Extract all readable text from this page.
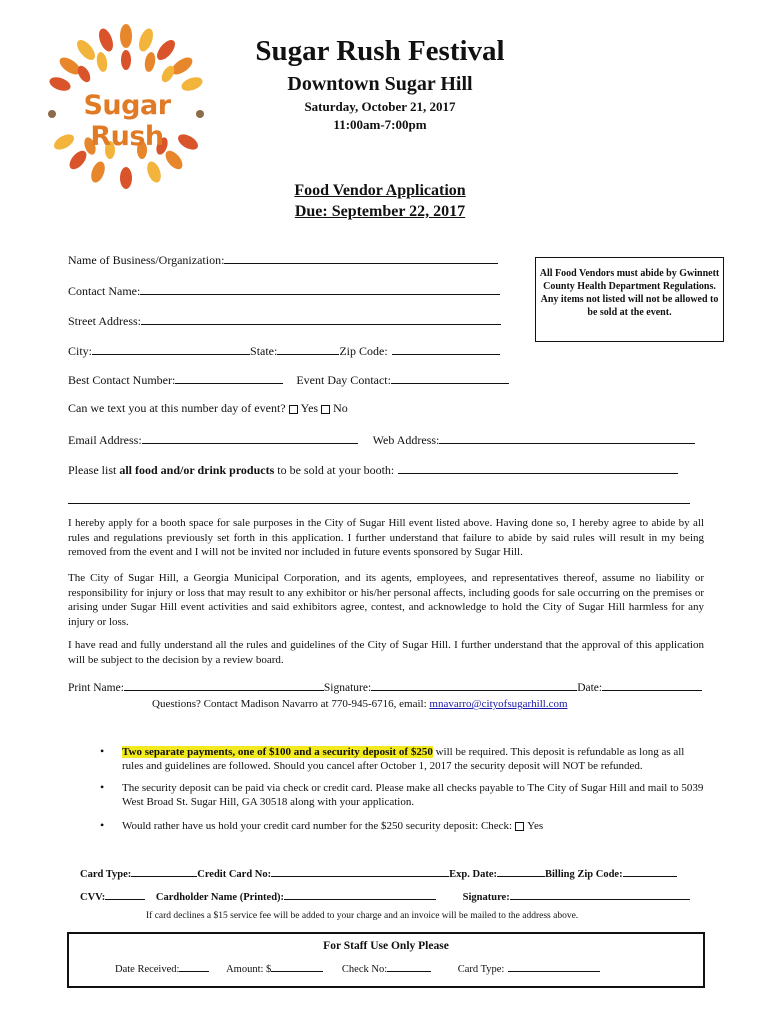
Sugar Rush
Sugar Rush Festival
Downtown Sugar Hill
Saturday, October 21, 2017
11:00am-7:00pm
Food Vendor Application
Due: September 22, 2017
Name of Business/Organization:
Contact Name:
Street Address:
City:	State:	Zip Code:
Best Contact Number:	Event Day Contact:
Can we text you at this number day of event? Yes No
Email Address:	Web Address:
Please list all food and/or drink products to be sold at your booth:
All Food Vendors must abide by Gwinnett County Health Department Regulations. Any items not listed will not be allowed to be sold at the event.
I hereby apply for a booth space for sale purposes in the City of Sugar Hill event listed above. Having done so, I hereby agree to abide by all rules and regulations previously set forth in this application. I further understand that failure to abide by said rules will result in my being removed from the event and I will not be invited nor included in future events sponsored by Sugar Hill.
The City of Sugar Hill, a Georgia Municipal Corporation, and its agents, employees, and representatives thereof, assume no liability or responsibility for injury or loss that may result to any exhibitor or his/her personal affects, including goods for sale occurring on the premises or arising under Sugar Hill event activities and said exhibitors agree, contest, and acknowledge to hold the City of Sugar Hill harmless for any injury or loss.
I have read and fully understand all the rules and guidelines of the City of Sugar Hill. I further understand that the approval of this application will be subject to the decision by a review board.
Print Name:	Signature:	Date:
Questions? Contact Madison Navarro at 770-945-6716, email: mnavarro@cityofsugarhill.com
• Two separate payments, one of $100 and a security deposit of $250 will be required. This deposit is refundable as long as all rules and guidelines are followed. Should you cancel after October 1, 2017 the security deposit will NOT be refunded.
• The security deposit can be paid via check or credit card. Please make all checks payable to The City of Sugar Hill and mail to 5039 West Broad St. Sugar Hill, GA 30518 along with your application.
• Would rather have us hold your credit card number for the $250 security deposit: Check: Yes
Card Type:	Credit Card No:	Exp. Date:	Billing Zip Code:
CVV:	Cardholder Name (Printed):	Signature:
If card declines a $15 service fee will be added to your charge and an invoice will be mailed to the address above.
For Staff Use Only Please
Date Received:	Amount: $	Check No:	Card Type:
